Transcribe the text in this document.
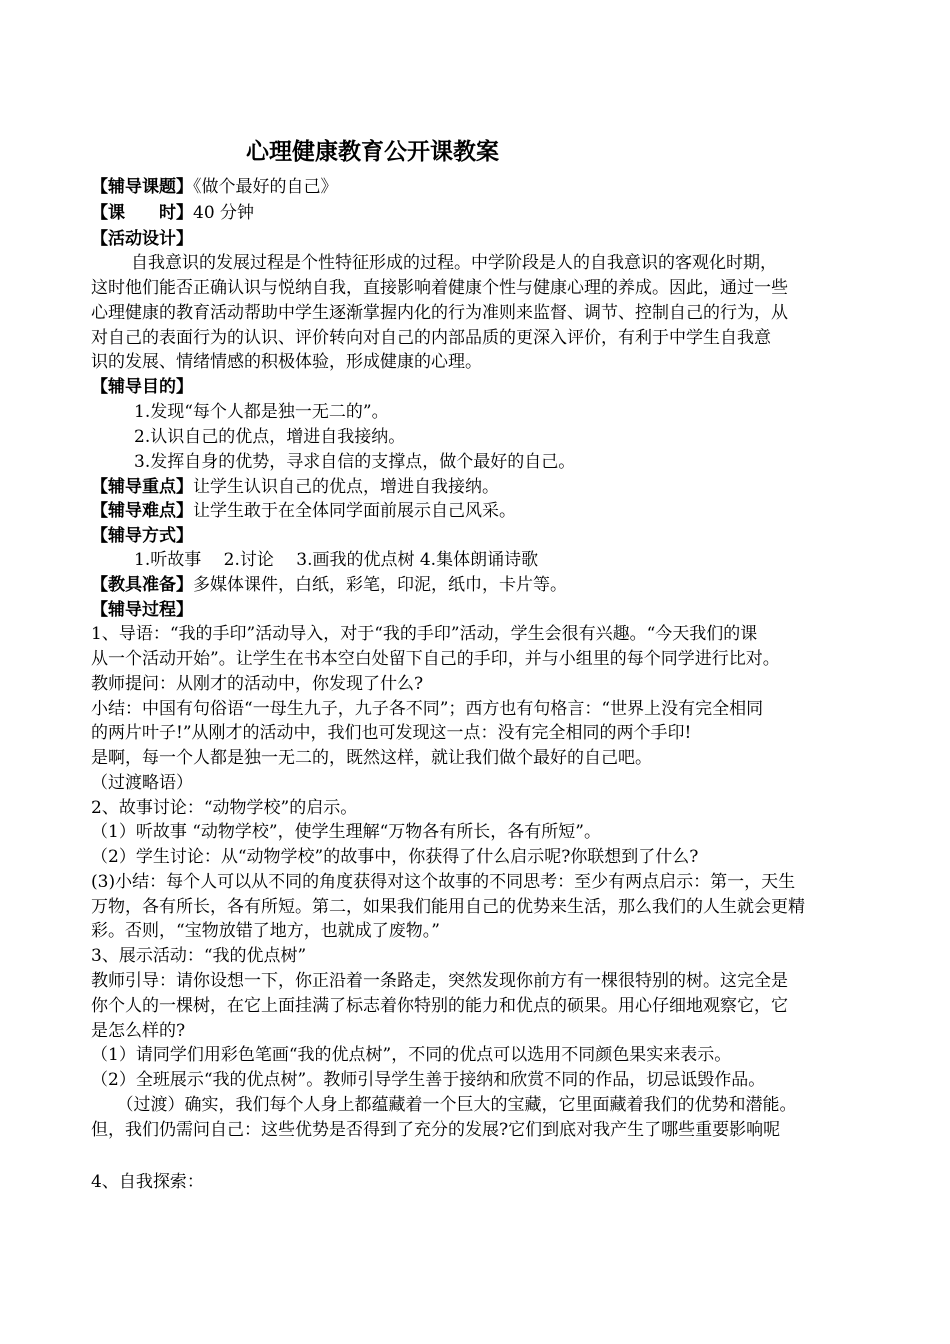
心理健康教育公开课教案
【辅导课题】《做个最好的自己》
【课　　时】40 分钟
【活动设计】
自我意识的发展过程是个性特征形成的过程。中学阶段是人的自我意识的客观化时期，
这时他们能否正确认识与悦纳自我，直接影响着健康个性与健康心理的养成。因此，通过一些
心理健康的教育活动帮助中学生逐渐掌握内化的行为准则来监督、调节、控制自己的行为，从
对自己的表面行为的认识、评价转向对自己的内部品质的更深入评价，有利于中学生自我意
识的发展、情绪情感的积极体验，形成健康的心理。
【辅导目的】
1.发现“每个人都是独一无二的”。
2.认识自己的优点，增进自我接纳。
3.发挥自身的优势，寻求自信的支撑点，做个最好的自己。
【辅导重点】让学生认识自己的优点，增进自我接纳。
【辅导难点】让学生敢于在全体同学面前展示自己风采。
【辅导方式】
1.听故事　 2.讨论　 3.画我的优点树 4.集体朗诵诗歌
【教具准备】多媒体课件，白纸，彩笔，印泥，纸巾，卡片等。
【辅导过程】
1、导语：“我的手印”活动导入，对于“我的手印”活动，学生会很有兴趣。“今天我们的课
从一个活动开始”。让学生在书本空白处留下自己的手印，并与小组里的每个同学进行比对。
教师提问：从刚才的活动中，你发现了什么?
小结：中国有句俗语“一母生九子，九子各不同”；西方也有句格言：“世界上没有完全相同
的两片叶子!”从刚才的活动中，我们也可发现这一点：没有完全相同的两个手印!
是啊，每一个人都是独一无二的，既然这样，就让我们做个最好的自己吧。
（过渡略语）
2、故事讨论：“动物学校”的启示。
（1）听故事 “动物学校”，使学生理解“万物各有所长，各有所短”。
（2）学生讨论：从“动物学校”的故事中，你获得了什么启示呢?你联想到了什么?
(3)小结：每个人可以从不同的角度获得对这个故事的不同思考：至少有两点启示：第一，天生
万物，各有所长，各有所短。第二，如果我们能用自己的优势来生活，那么我们的人生就会更精
彩。否则，“宝物放错了地方，也就成了废物。”
3、展示活动：“我的优点树”
教师引导：请你设想一下，你正沿着一条路走，突然发现你前方有一棵很特别的树。这完全是
你个人的一棵树，在它上面挂满了标志着你特别的能力和优点的硕果。用心仔细地观察它，它
是怎么样的?
（1）请同学们用彩色笔画“我的优点树”，不同的优点可以选用不同颜色果实来表示。
（2）全班展示“我的优点树”。教师引导学生善于接纳和欣赏不同的作品，切忌诋毁作品。
　　（过渡）确实，我们每个人身上都蕴藏着一个巨大的宝藏，它里面藏着我们的优势和潜能。
但，我们仍需问自己：这些优势是否得到了充分的发展?它们到底对我产生了哪些重要影响呢
4、自我探索：
